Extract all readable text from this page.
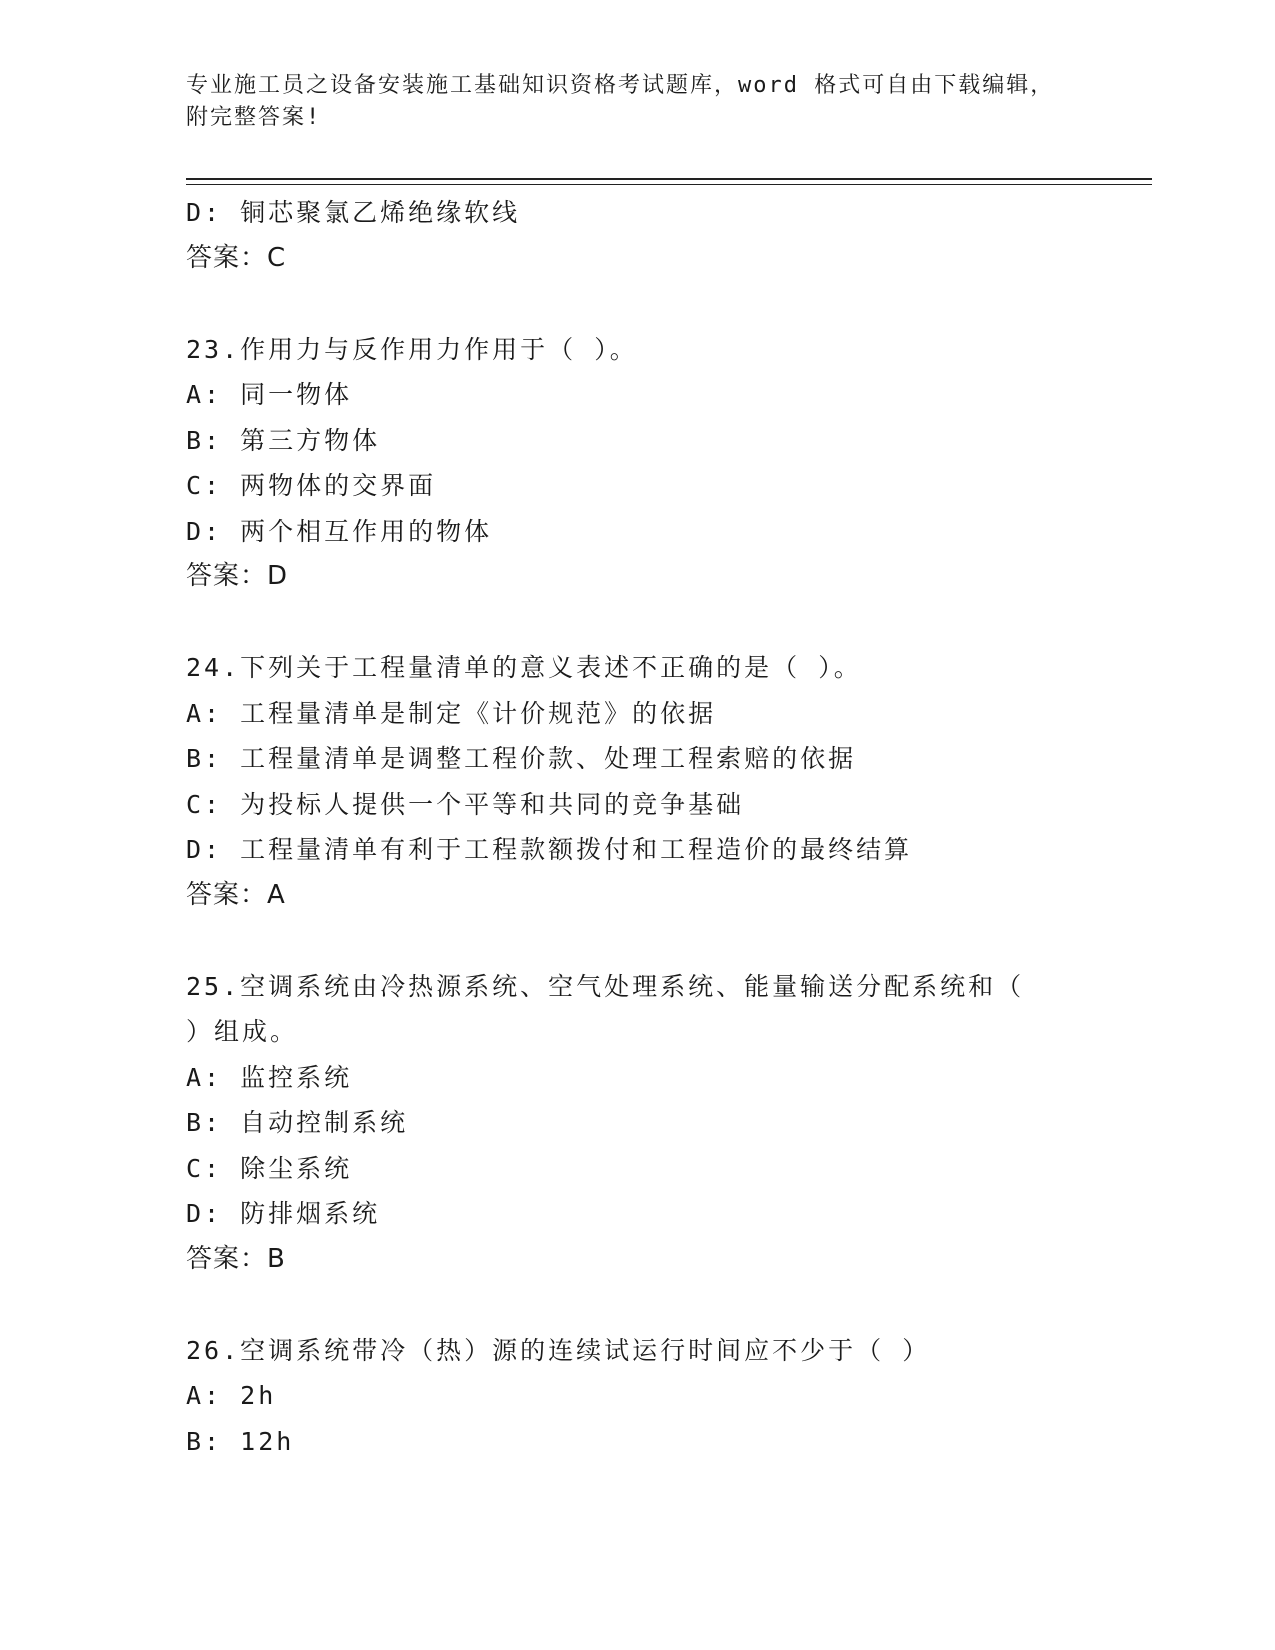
专业施工员之设备安装施工基础知识资格考试题库，word 格式可自由下载编辑，

附完整答案!

D: 铜芯聚氯乙烯绝缘软线
答案：C
23.作用力与反作用力作用于（ ）。
A: 同一物体
B: 第三方物体
C: 两物体的交界面
D: 两个相互作用的物体
答案：D
24.下列关于工程量清单的意义表述不正确的是（ ）。
A: 工程量清单是制定《计价规范》的依据
B: 工程量清单是调整工程价款、处理工程索赔的依据
C: 为投标人提供一个平等和共同的竞争基础
D: 工程量清单有利于工程款额拨付和工程造价的最终结算
答案：A
25.空调系统由冷热源系统、空气处理系统、能量输送分配系统和（
）组成。
A: 监控系统
B: 自动控制系统
C: 除尘系统
D: 防排烟系统
答案：B
26.空调系统带冷（热）源的连续试运行时间应不少于（ ）
A: 2h
B: 12h
